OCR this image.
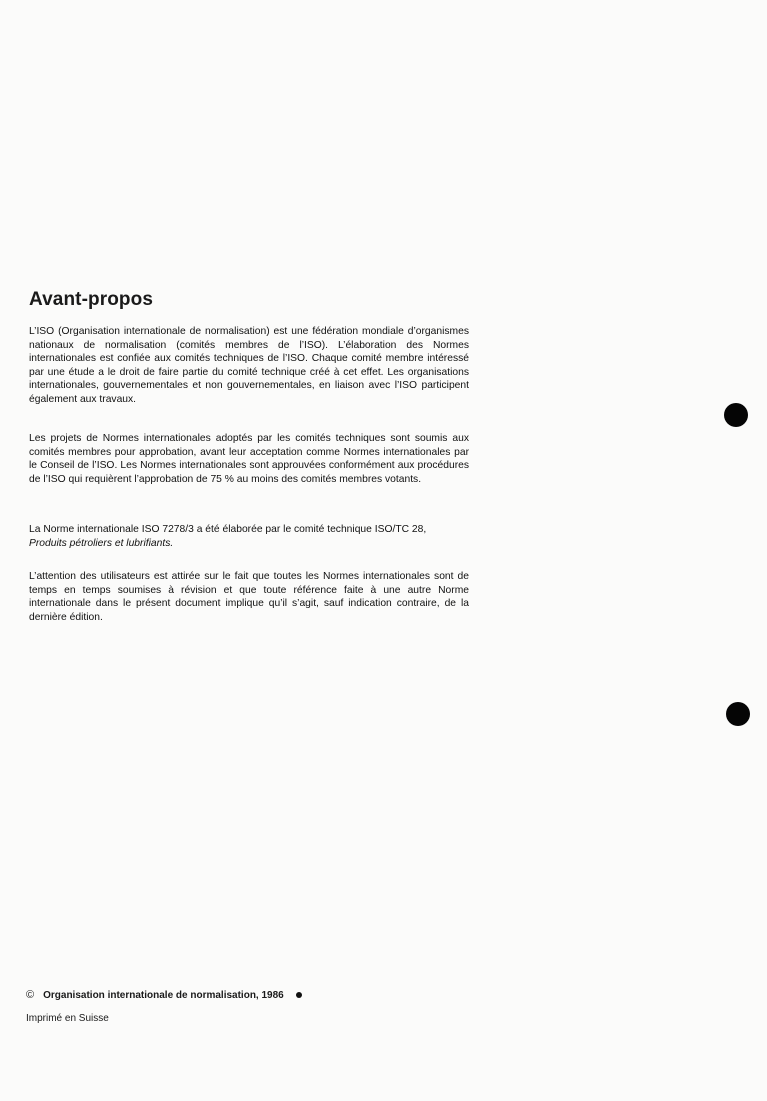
Avant-propos

L’ISO (Organisation internationale de normalisation) est une fédération mondiale d’organismes nationaux de normalisation (comités membres de l’ISO). L’élaboration des Normes internationales est confiée aux comités techniques de l’ISO. Chaque comité membre intéressé par une étude a le droit de faire partie du comité technique créé à cet effet. Les organisations internationales, gouvernementales et non gouvernementales, en liaison avec l’ISO participent également aux travaux.

Les projets de Normes internationales adoptés par les comités techniques sont soumis aux comités membres pour approbation, avant leur acceptation comme Normes internationales par le Conseil de l’ISO. Les Normes internationales sont approuvées conformément aux procédures de l’ISO qui requièrent l’approbation de 75 % au moins des comités membres votants.

La Norme internationale ISO 7278/3 a été élaborée par le comité technique ISO/TC 28,
Produits pétroliers et lubrifiants.

L’attention des utilisateurs est attirée sur le fait que toutes les Normes internationales sont de temps en temps soumises à révision et que toute référence faite à une autre Norme internationale dans le présent document implique qu’il s’agit, sauf indication contraire, de la dernière édition.

© Organisation internationale de normalisation, 1986

Imprimé en Suisse
